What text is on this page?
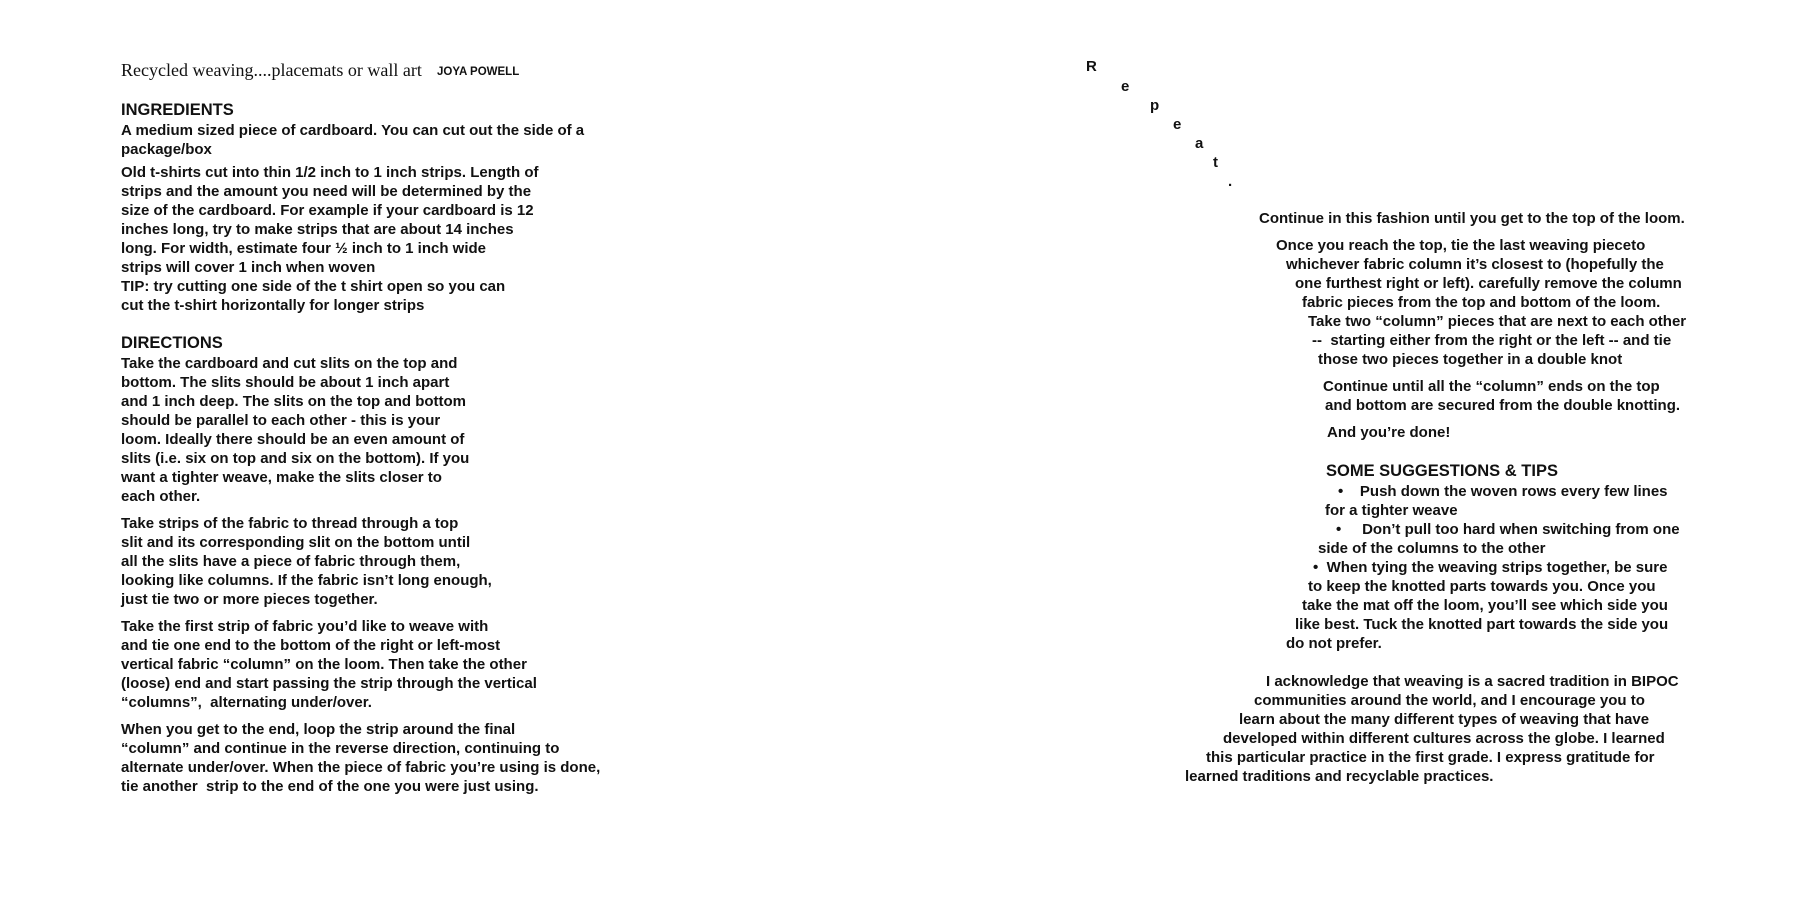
Recycled weaving....placemats or wall art JOYA POWELL
INGREDIENTS
A medium sized piece of cardboard. You can cut out the side of a
package/box
Old t-shirts cut into thin 1/2 inch to 1 inch strips. Length of
strips and the amount you need will be determined by the
size of the cardboard. For example if your cardboard is 12
inches long, try to make strips that are about 14 inches
long. For width, estimate four ½ inch to 1 inch wide
strips will cover 1 inch when woven
TIP: try cutting one side of the t shirt open so you can
cut the t-shirt horizontally for longer strips
DIRECTIONS
Take the cardboard and cut slits on the top and
bottom. The slits should be about 1 inch apart
and 1 inch deep. The slits on the top and bottom
should be parallel to each other - this is your
loom. Ideally there should be an even amount of
slits (i.e. six on top and six on the bottom). If you
want a tighter weave, make the slits closer to
each other.
Take strips of the fabric to thread through a top
slit and its corresponding slit on the bottom until
all the slits have a piece of fabric through them,
looking like columns. If the fabric isn’t long enough,
just tie two or more pieces together.
Take the first strip of fabric you’d like to weave with
and tie one end to the bottom of the right or left-most
vertical fabric “column” on the loom. Then take the other
(loose) end and start passing the strip through the vertical
“columns”,  alternating under/over.
When you get to the end, loop the strip around the final
“column” and continue in the reverse direction, continuing to
alternate under/over. When the piece of fabric you’re using is done,
tie another  strip to the end of the one you were just using.
R
e
p
e
a
t
.
Continue in this fashion until you get to the top of the loom.
Once you reach the top, tie the last weaving pieceto
whichever fabric column it’s closest to (hopefully the
one furthest right or left). carefully remove the column
fabric pieces from the top and bottom of the loom.
Take two “column” pieces that are next to each other
--  starting either from the right or the left -- and tie
those two pieces together in a double knot
Continue until all the “column” ends on the top
and bottom are secured from the double knotting.
And you’re done!
SOME SUGGESTIONS & TIPS
•    Push down the woven rows every few lines
for a tighter weave
•     Don’t pull too hard when switching from one
side of the columns to the other
•  When tying the weaving strips together, be sure
to keep the knotted parts towards you. Once you
take the mat off the loom, you’ll see which side you
like best. Tuck the knotted part towards the side you
do not prefer.
I acknowledge that weaving is a sacred tradition in BIPOC
communities around the world, and I encourage you to
learn about the many different types of weaving that have
developed within different cultures across the globe. I learned
this particular practice in the first grade. I express gratitude for
learned traditions and recyclable practices.
